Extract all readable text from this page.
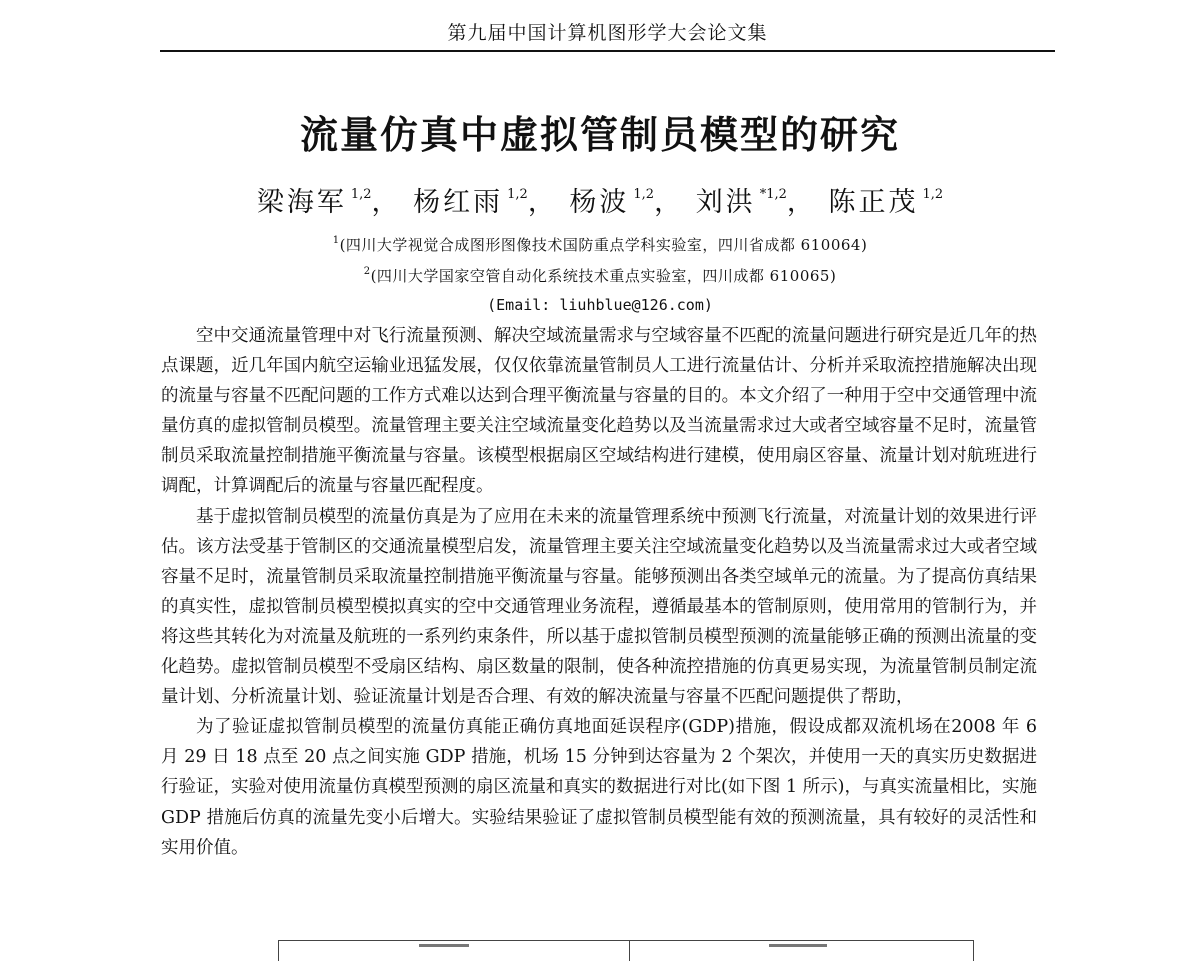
第九届中国计算机图形学大会论文集
流量仿真中虚拟管制员模型的研究
梁海军 $^{1,2}$， 杨红雨 $^{1,2}$， 杨波 $^{1,2}$， 刘洪 $^{*1,2}$， 陈正茂 $^{1,2}$
$^1$(四川大学视觉合成图形图像技术国防重点学科实验室，四川省成都 610064)
$^2$(四川大学国家空管自动化系统技术重点实验室，四川成都 610065)
(Email: liuhblue@126.com)

空中交通流量管理中对飞行流量预测、解决空域流量需求与空域容量不匹配的流量问题进行研究是近几年的热点课题，近几年国内航空运输业迅猛发展，仅仅依靠流量管制员人工进行流量估计、分析并采取流控措施解决出现的流量与容量不匹配问题的工作方式难以达到合理平衡流量与容量的目的。本文介绍了一种用于空中交通管理中流量仿真的虚拟管制员模型。流量管理主要关注空域流量变化趋势以及当流量需求过大或者空域容量不足时，流量管制员采取流量控制措施平衡流量与容量。该模型根据扇区空域结构进行建模，使用扇区容量、流量计划对航班进行调配，计算调配后的流量与容量匹配程度。

基于虚拟管制员模型的流量仿真是为了应用在未来的流量管理系统中预测飞行流量，对流量计划的效果进行评估。该方法受基于管制区的交通流量模型启发，流量管理主要关注空域流量变化趋势以及当流量需求过大或者空域容量不足时，流量管制员采取流量控制措施平衡流量与容量。能够预测出各类空域单元的流量。为了提高仿真结果的真实性，虚拟管制员模型模拟真实的空中交通管理业务流程，遵循最基本的管制原则，使用常用的管制行为，并将这些其转化为对流量及航班的一系列约束条件，所以基于虚拟管制员模型预测的流量能够正确的预测出流量的变化趋势。虚拟管制员模型不受扇区结构、扇区数量的限制，使各种流控措施的仿真更易实现，为流量管制员制定流量计划、分析流量计划、验证流量计划是否合理、有效的解决流量与容量不匹配问题提供了帮助，

为了验证虚拟管制员模型的流量仿真能正确仿真地面延误程序(GDP)措施，假设成都双流机场在2008 年 6 月 29 日 18 点至 20 点之间实施 GDP 措施，机场 15 分钟到达容量为 2 个架次，并使用一天的真实历史数据进行验证，实验对使用流量仿真模型预测的扇区流量和真实的数据进行对比(如下图 1 所示)，与真实流量相比，实施 GDP 措施后仿真的流量先变小后增大。实验结果验证了虚拟管制员模型能有效的预测流量，具有较好的灵活性和实用价值。
